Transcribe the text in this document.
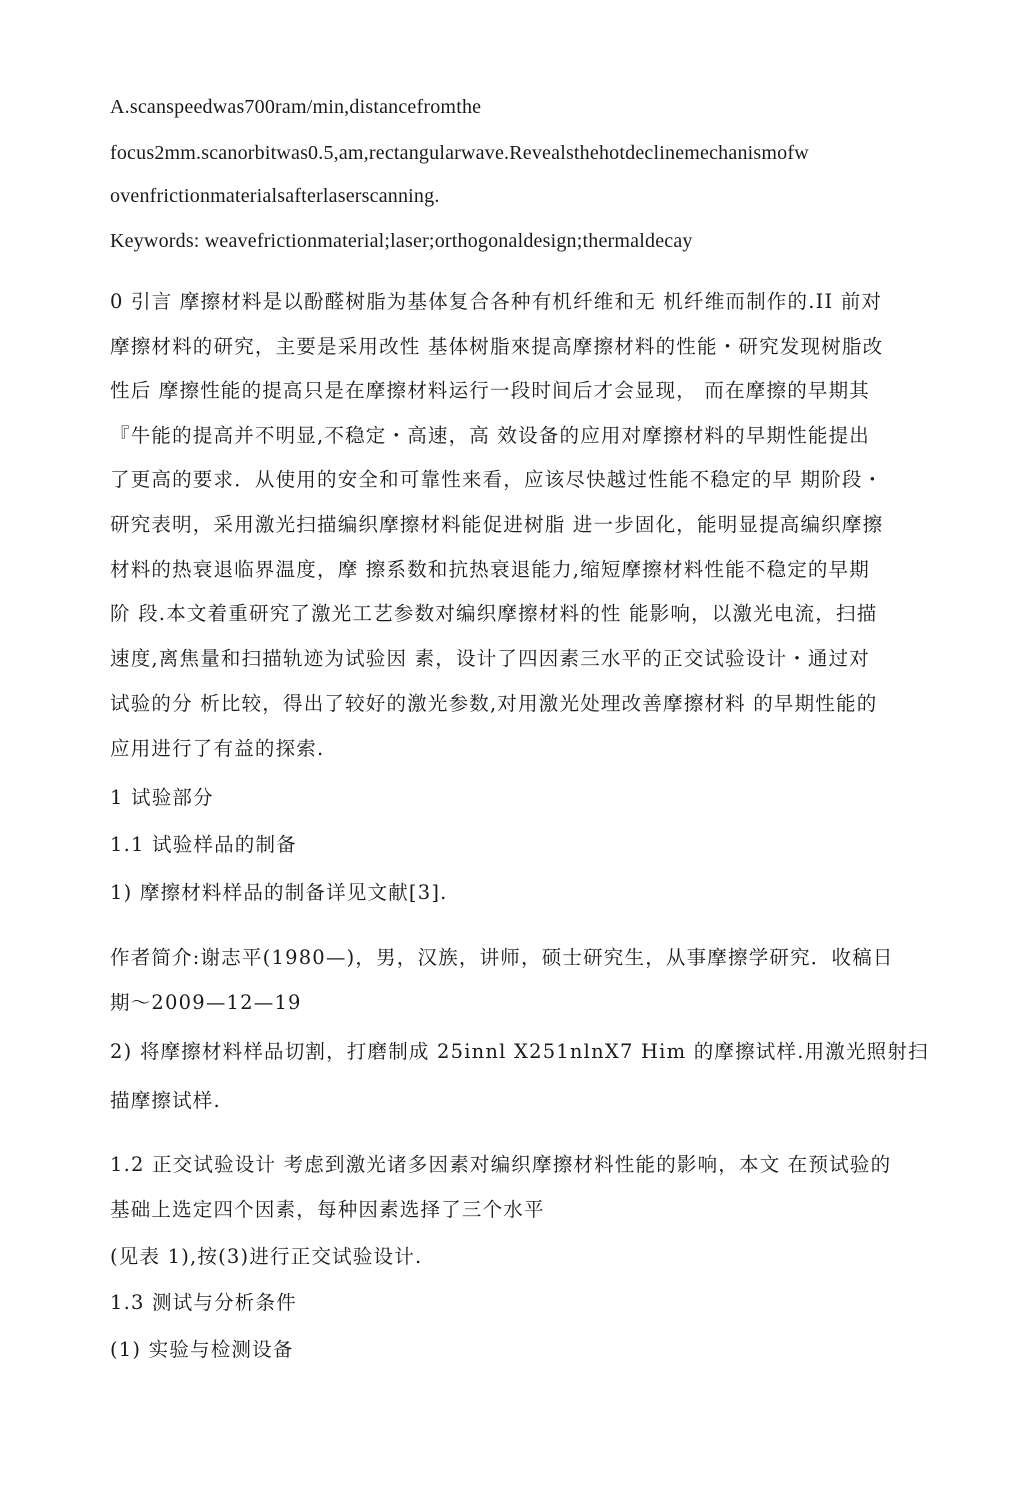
A.scanspeedwas700ram/min,distancefromthe
focus2mm.scanorbitwas0.5,am,rectangularwave.Revealsthehotdeclinemechanismofw
ovenfrictionmaterialsafterlaserscanning.
Keywords: weavefrictionmaterial;laser;orthogonaldesign;thermaldecay
0 引言 摩擦材料是以酚醛树脂为基体复合各种有机纤维和无 机纤维而制作的.II 前对
摩擦材料的研究，主要是采用改性 基体树脂來提高摩擦材料的性能・研究发现树脂改
性后 摩擦性能的提高只是在摩擦材料运行一段时间后才会显现， 而在摩擦的早期其
『牛能的提高并不明显,不稳定・高速，高 效设备的应用对摩擦材料的早期性能提出
了更高的要求．从使用的安全和可靠性来看，应该尽快越过性能不稳定的早 期阶段・
研究表明，采用激光扫描编织摩擦材料能促进树脂 进一步固化，能明显提高编织摩擦
材料的热衰退临界温度，摩 擦系数和抗热衰退能力,缩短摩擦材料性能不稳定的早期
阶 段.本文着重研究了激光工艺参数对编织摩擦材料的性 能影响，以激光电流，扫描
速度,离焦量和扫描轨迹为试验因 素，设计了四因素三水平的正交试验设计・通过对
试验的分 析比较，得出了较好的激光参数,对用激光处理改善摩擦材料 的早期性能的
应用进行了有益的探索.
1 试验部分
1.1 试验样品的制备
1) 摩擦材料样品的制备详见文献[3].
作者简介:谢志平(1980—)，男，汉族，讲师，硕士研究生，从事摩擦学研究．收稿日
期～2009—12—19
2) 将摩擦材料样品切割，打磨制成 25innl X251nlnX7 Him 的摩擦试样.用激光照射扫
描摩擦试样.
1.2 正交试验设计 考虑到激光诸多因素对编织摩擦材料性能的影响，本文 在预试验的
基础上选定四个因素，每种因素选择了三个水平
(见表 1),按(3)进行正交试验设计.
1.3 测试与分析条件
(1) 实验与检测设备
